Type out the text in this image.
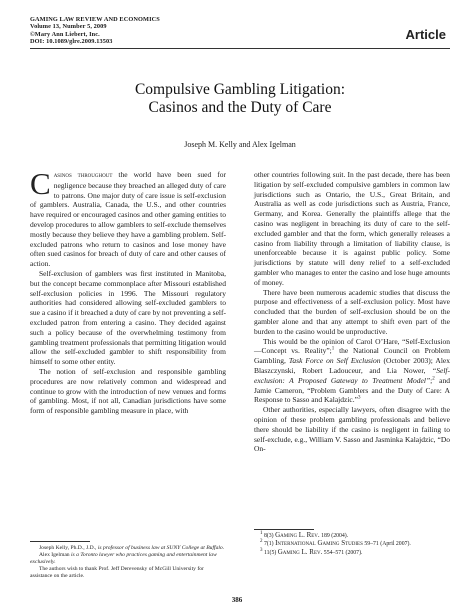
GAMING LAW REVIEW AND ECONOMICS
Volume 13, Number 5, 2009
©Mary Ann Liebert, Inc.
DOI: 10.1089/glre.2009.13503	Article
Compulsive Gambling Litigation:
Casinos and the Duty of Care
Joseph M. Kelly and Alex Igelman

Casinos throughout the world have been sued for negligence because they breached an alleged duty of care to patrons. One major duty of care issue is self-exclusion of gamblers. Australia, Canada, the U.S., and other countries have required or encouraged casinos and other gaming entities to develop procedures to allow gamblers to self-exclude themselves mostly because they believe they have a gambling problem. Self-excluded patrons who return to casinos and lose money have often sued casinos for breach of duty of care and other causes of action.

Self-exclusion of gamblers was first instituted in Manitoba, but the concept became commonplace after Missouri established self-exclusion policies in 1996. The Missouri regulatory authorities had considered allowing self-excluded gamblers to sue a casino if it breached a duty of care by not preventing a self-excluded patron from entering a casino. They decided against such a policy because of the overwhelming testimony from gambling treatment professionals that permitting litigation would allow the self-excluded gambler to shift responsibility from himself to some other entity.

The notion of self-exclusion and responsible gambling procedures are now relatively common and widespread and continue to grow with the introduction of new venues and forms of gambling. Most, if not all, Canadian jurisdictions have some form of responsible gambling measure in place, with

other countries following suit. In the past decade, there has been litigation by self-excluded compulsive gamblers in common law jurisdictions such as Ontario, the U.S., Great Britain, and Australia as well as code jurisdictions such as Austria, France, Germany, and Korea. Generally the plaintiffs allege that the casino was negligent in breaching its duty of care to the self-excluded gambler and that the form, which generally releases a casino from liability through a limitation of liability clause, is unenforceable because it is against public policy. Some jurisdictions by statute will deny relief to a self-excluded gambler who manages to enter the casino and lose huge amounts of money.

There have been numerous academic studies that discuss the purpose and effectiveness of a self-exclusion policy. Most have concluded that the burden of self-exclusion should be on the gambler alone and that any attempt to shift even part of the burden to the casino would be unproductive.

This would be the opinion of Carol O’Hare, “Self-Exclusion—Concept vs. Reality”;$^1$ the National Council on Problem Gambling, Task Force on Self Exclusion (October 2003); Alex Blaszczynski, Robert Ladouceur, and Lia Nower, “Self-exclusion: A Proposed Gateway to Treatment Model”;$^2$ and Jamie Cameron, “Problem Gamblers and the Duty of Care: A Response to Sasso and Kalajdzic.”$^3$

Other authorities, especially lawyers, often disagree with the opinion of these problem gambling professionals and believe there should be liability if the casino is negligent in failing to self-exclude, e.g., William V. Sasso and Jasminka Kalajdzic, “Do On-

Joseph Kelly, Ph.D., J.D., is professor of business law at SUNY College at Buffalo.

Alex Igelman is a Toronto lawyer who practices gaming and entertainment law exclusively.

The authors wish to thank Prof. Jeff Derevensky of McGill University for assistance on the article.

$^1$ 8(3) Gaming L. Rev. 189 (2004).

$^2$ 7(1) International Gaming Studies 59–71 (April 2007).

$^3$ 11(5) Gaming L. Rev. 554–571 (2007).

386
